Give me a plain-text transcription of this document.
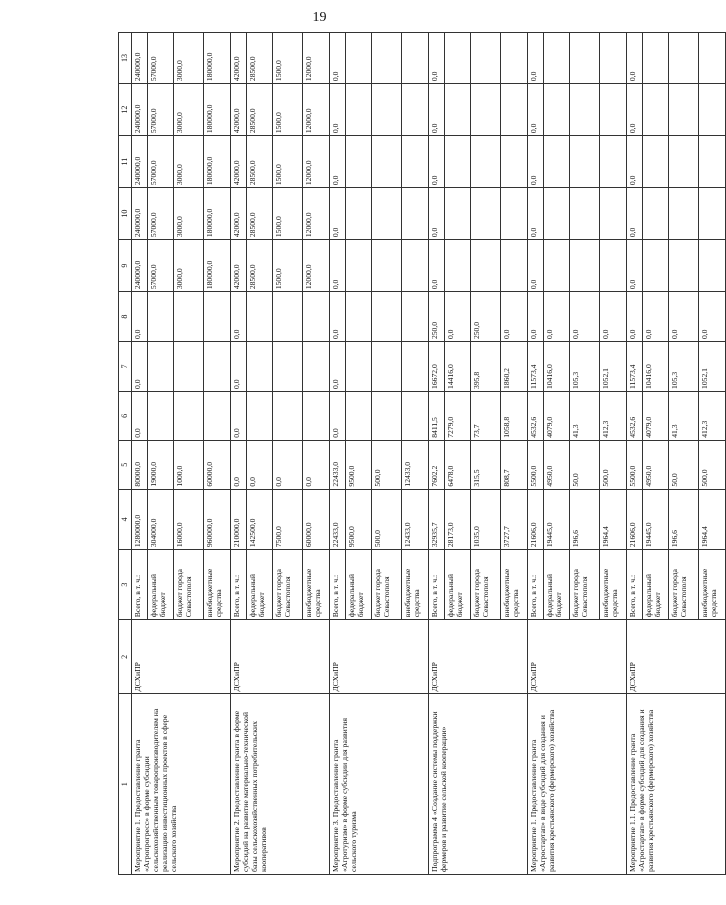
19
1	2	3	4	5	6	7	8	9	10	11	12	13
Мероприятие 1. Предоставление гранта «Агропрогресс» в форме субсидии сельскохозяйственным товаропроизводителям на реализацию инвестиционных проектов в сфере сельского хозяйства	ДСХиПР	Всего, в т. ч.:	1280000,0	80000,0	0,0	0,0	0,0	240000,0	240000,0	240000,0	240000,0	240000,0
		федеральный бюджет	304000,0	19000,0				57000,0	57000,0	57000,0	57000,0	57000,0
		бюджет города Севастополя	16000,0	1000,0				3000,0	3000,0	3000,0	3000,0	3000,0
		внебюджетные средства	960000,0	60000,0				180000,0	180000,0	180000,0	180000,0	180000,0
Мероприятие 2. Предоставление гранта в форме субсидий на развитие материально-технической базы сельскохозяйственных потребительских кооперативов	ДСХиПР	Всего, в т. ч.:	210000,0	0,0	0,0	0,0	0,0	42000,0	42000,0	42000,0	42000,0	42000,0
		федеральный бюджет	142500,0	0,0				28500,0	28500,0	28500,0	28500,0	28500,0
		бюджет города Севастополя	7500,0	0,0				1500,0	1500,0	1500,0	1500,0	1500,0
		внебюджетные средства	60000,0	0,0				12000,0	12000,0	12000,0	12000,0	12000,0
Мероприятие 3. Предоставление гранта «Агротуризм» в форме субсидии для развития сельского туризма	ДСХиПР	Всего, в т. ч.:	22433,0	22433,0	0,0	0,0	0,0	0,0	0,0	0,0	0,0	0,0
		федеральный бюджет	9500,0	9500,0								
		бюджет города Севастополя	500,0	500,0								
		внебюджетные средства	12433,0	12433,0								
Подпрограмма 4 «Создание системы поддержки фермеров и развитие сельской кооперации»	ДСХиПР	Всего, в т. ч.:	32935,7	7602,2	8411,5	16672,0	250,0	0,0	0,0	0,0	0,0	0,0
		федеральный бюджет	28173,0	6478,0	7279,0	14416,0	0,0					
		бюджет города Севастополя	1035,0	315,5	73,7	395,8	250,0					
		внебюджетные средства	3727,7	808,7	1058,8	1860,2	0,0					
Мероприятие 1. Предоставление гранта «Агростартап» в виде субсидий для создания и развития крестьянского (фермерского) хозяйства	ДСХиПР	Всего, в т. ч.:	21606,0	5500,0	4532,6	11573,4	0,0	0,0	0,0	0,0	0,0	0,0
		федеральный бюджет	19445,0	4950,0	4079,0	10416,0	0,0					
		бюджет города Севастополя	196,6	50,0	41,3	105,3	0,0					
		внебюджетные средства	1964,4	500,0	412,3	1052,1	0,0					
Мероприятие 1.1. Предоставление гранта «Агростартап» в форме субсидий для создания и развития крестьянского (фермерского) хозяйства	ДСХиПР	Всего, в т. ч.:	21606,0	5500,0	4532,6	11573,4	0,0	0,0	0,0	0,0	0,0	0,0
		федеральный бюджет	19445,0	4950,0	4079,0	10416,0	0,0					
		бюджет города Севастополя	196,6	50,0	41,3	105,3	0,0					
		внебюджетные средства	1964,4	500,0	412,3	1052,1	0,0					
